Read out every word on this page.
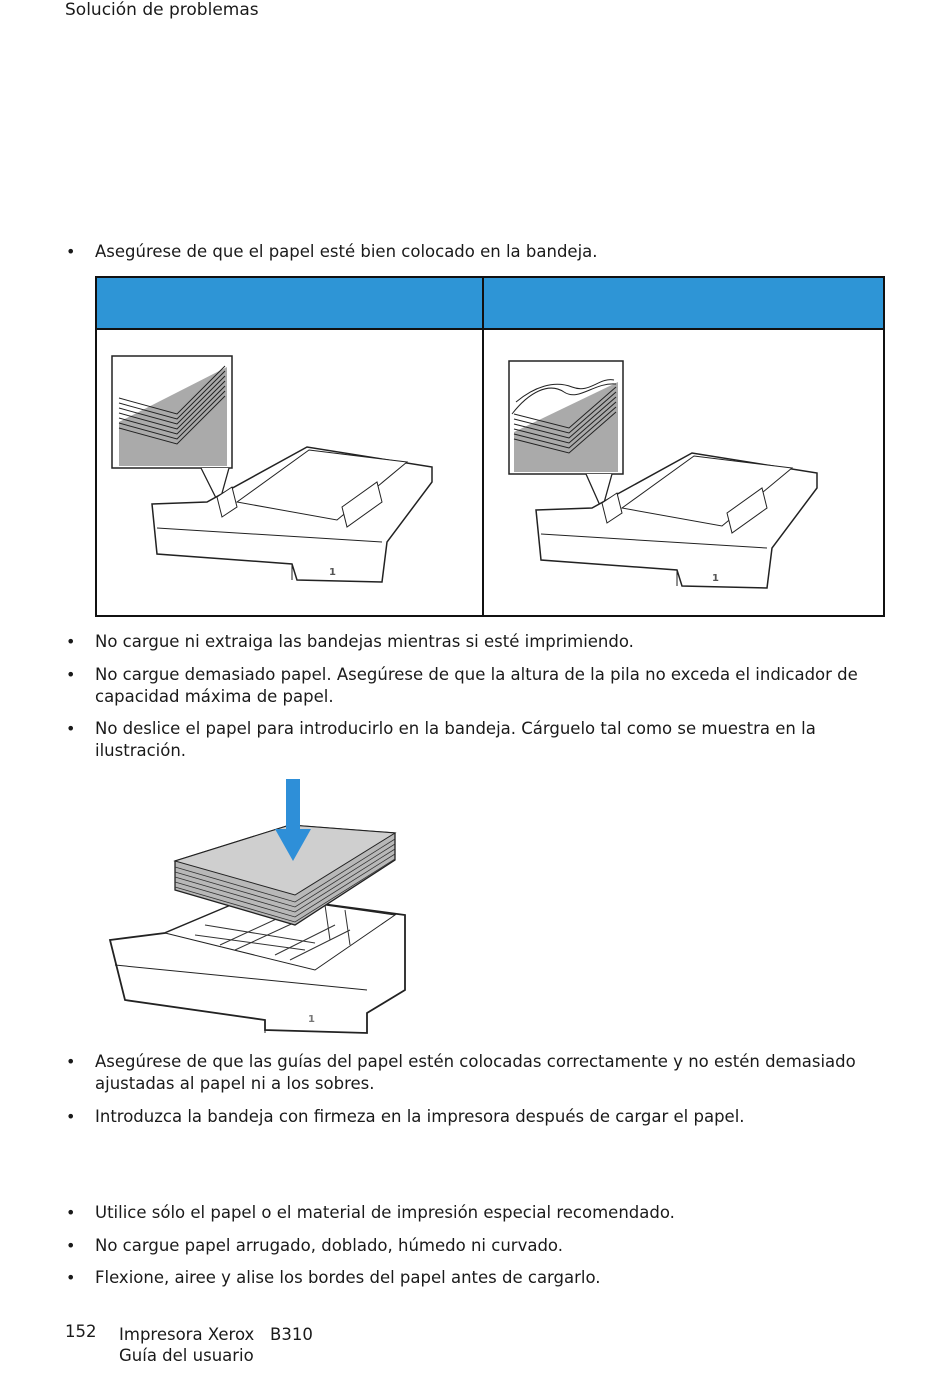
Solución de problemas
• Asegúrese de que el papel esté bien colocado en la bandeja.
1
1
• No cargue ni extraiga las bandejas mientras si esté imprimiendo.
• No cargue demasiado papel. Asegúrese de que la altura de la pila no exceda el indicador de capacidad máxima de papel.
• No deslice el papel para introducirlo en la bandeja. Cárguelo tal como se muestra en la ilustración.
1
• Asegúrese de que las guías del papel estén colocadas correctamente y no estén demasiado ajustadas al papel ni a los sobres.
• Introduzca la bandeja con firmeza en la impresora después de cargar el papel.
• Utilice sólo el papel o el material de impresión especial recomendado.
• No cargue papel arrugado, doblado, húmedo ni curvado.
• Flexione, airee y alise los bordes del papel antes de cargarlo.
152 Impresora Xerox   B310
Guía del usuario
